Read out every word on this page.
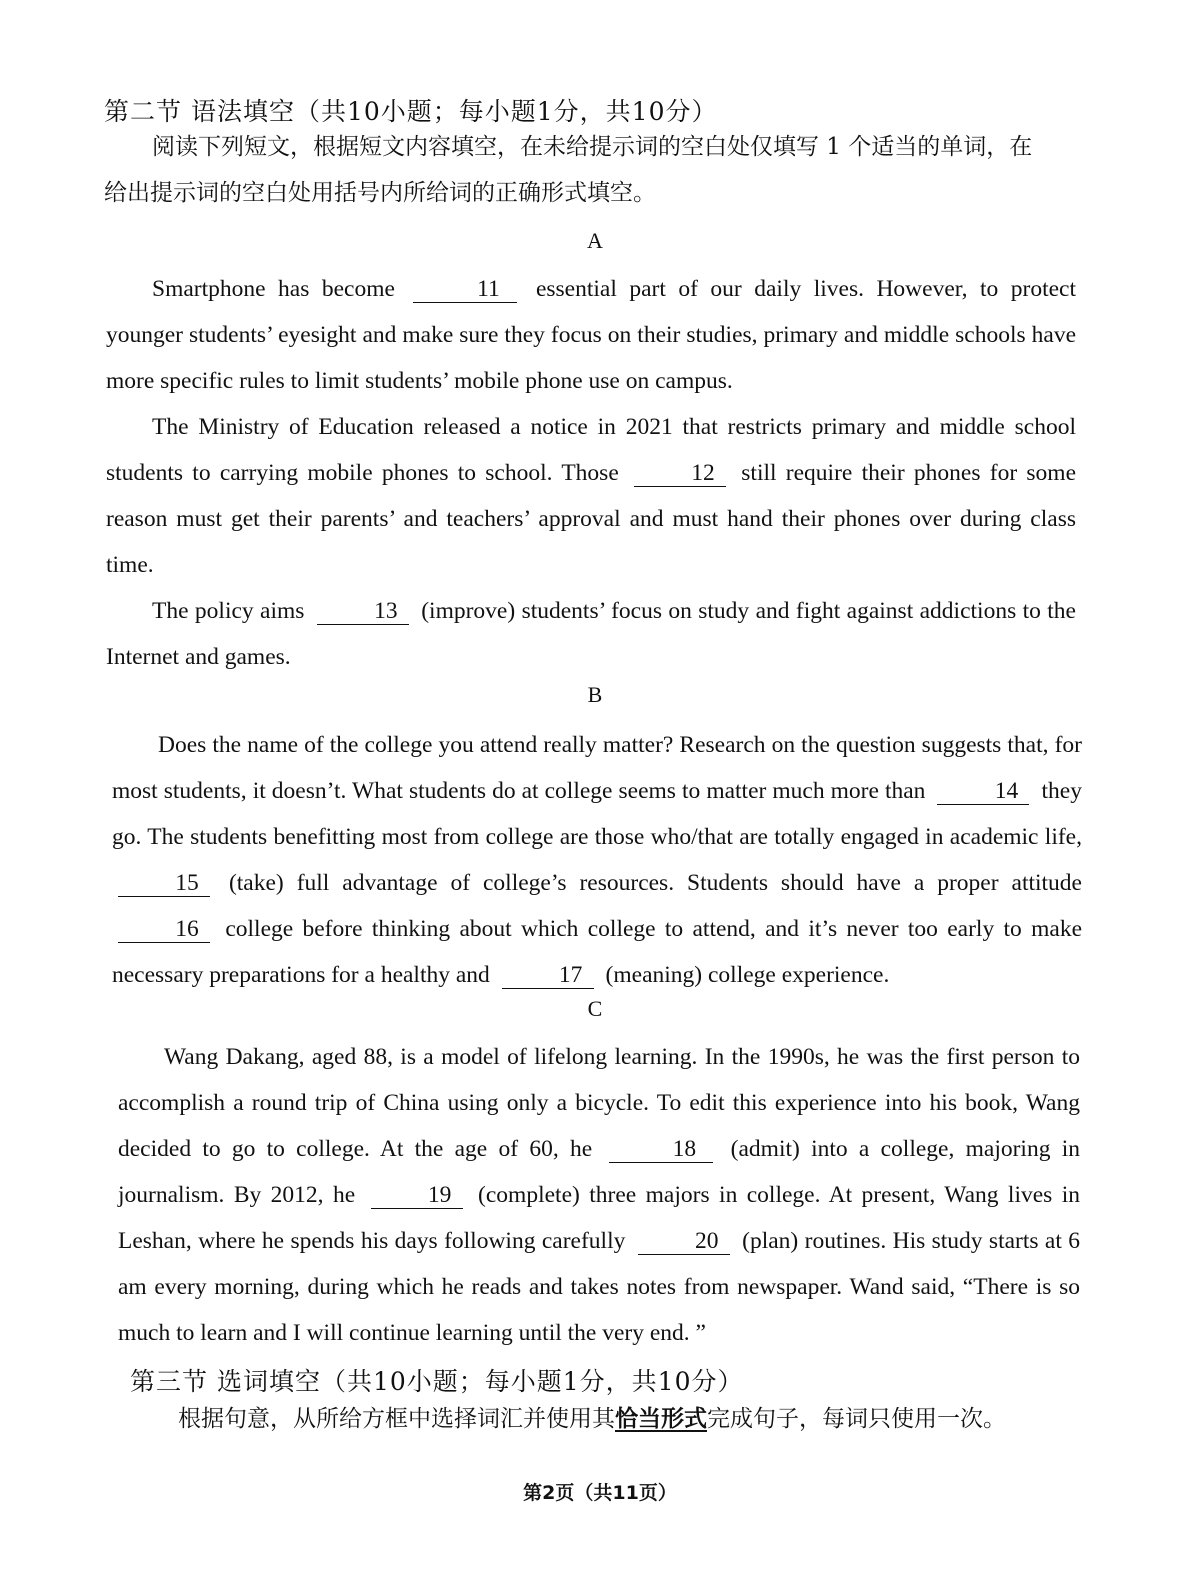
第二节 语法填空（共10小题；每小题1分，共10分）
阅读下列短文，根据短文内容填空，在未给提示词的空白处仅填写 1 个适当的单词，在
给出提示词的空白处用括号内所给词的正确形式填空。
A

Smartphone has become	11 essential part of our daily lives. However, to protect younger students’ eyesight and make sure they focus on their studies, primary and middle schools have more specific rules to limit students’ mobile phone use on campus.

The Ministry of Education released a notice in 2021 that restricts primary and middle school students to carrying mobile phones to school. Those	12 still require their phones for some reason must get their parents’ and teachers’ approval and must hand their phones over during class time.

The policy aims	13 (improve) students’ focus on study and fight against addictions to the Internet and games.

B

Does the name of the college you attend really matter? Research on the question suggests that, for most students, it doesn’t. What students do at college seems to matter much more than	14 they go. The students benefitting most from college are those who/that are totally engaged in academic life, 15 (take) full advantage of college’s resources. Students should have a proper attitude 16 college before thinking about which college to attend, and it’s never too early to make necessary preparations for a healthy and	17 (meaning) college experience.

C

Wang Dakang, aged 88, is a model of lifelong learning. In the 1990s, he was the first person to accomplish a round trip of China using only a bicycle. To edit this experience into his book, Wang decided to go to college. At the age of 60, he	18 (admit) into a college, majoring in journalism. By 2012, he	19 (complete) three majors in college. At present, Wang lives in Leshan, where he spends his days following carefully	20 (plan) routines. His study starts at 6 am every morning, during which he reads and takes notes from newspaper. Wand said, “There is so much to learn and I will continue learning until the very end. ”

第三节 选词填空（共10小题；每小题1分，共10分）
根据句意，从所给方框中选择词汇并使用其恰当形式完成句子，每词只使用一次。
第2页（共11页）
